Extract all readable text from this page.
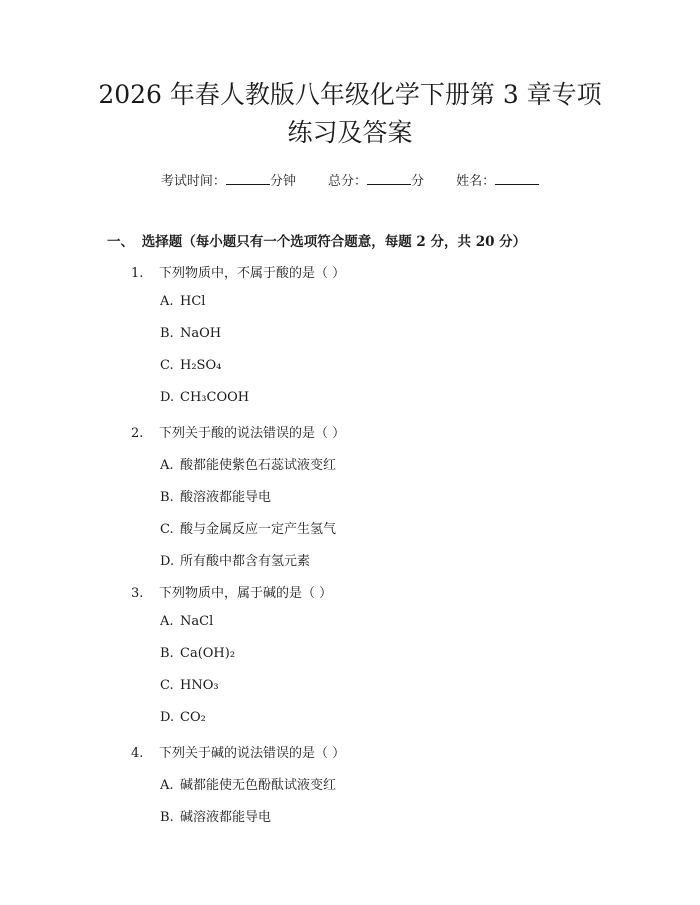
2026 年春人教版八年级化学下册第 3 章专项
练习及答案
考试时间：	分钟 总分：	分 姓名：
一、 选择题（每小题只有一个选项符合题意，每题 2 分，共 20 分）
1. 下列物质中，不属于酸的是（ ）
A. HCl
B. NaOH
C. H₂SO₄
D. CH₃COOH
2. 下列关于酸的说法错误的是（ ）
A. 酸都能使紫色石蕊试液变红
B. 酸溶液都能导电
C. 酸与金属反应一定产生氢气
D. 所有酸中都含有氢元素
3. 下列物质中，属于碱的是（ ）
A. NaCl
B. Ca(OH)₂
C. HNO₃
D. CO₂
4. 下列关于碱的说法错误的是（ ）
A. 碱都能使无色酚酞试液变红
B. 碱溶液都能导电
